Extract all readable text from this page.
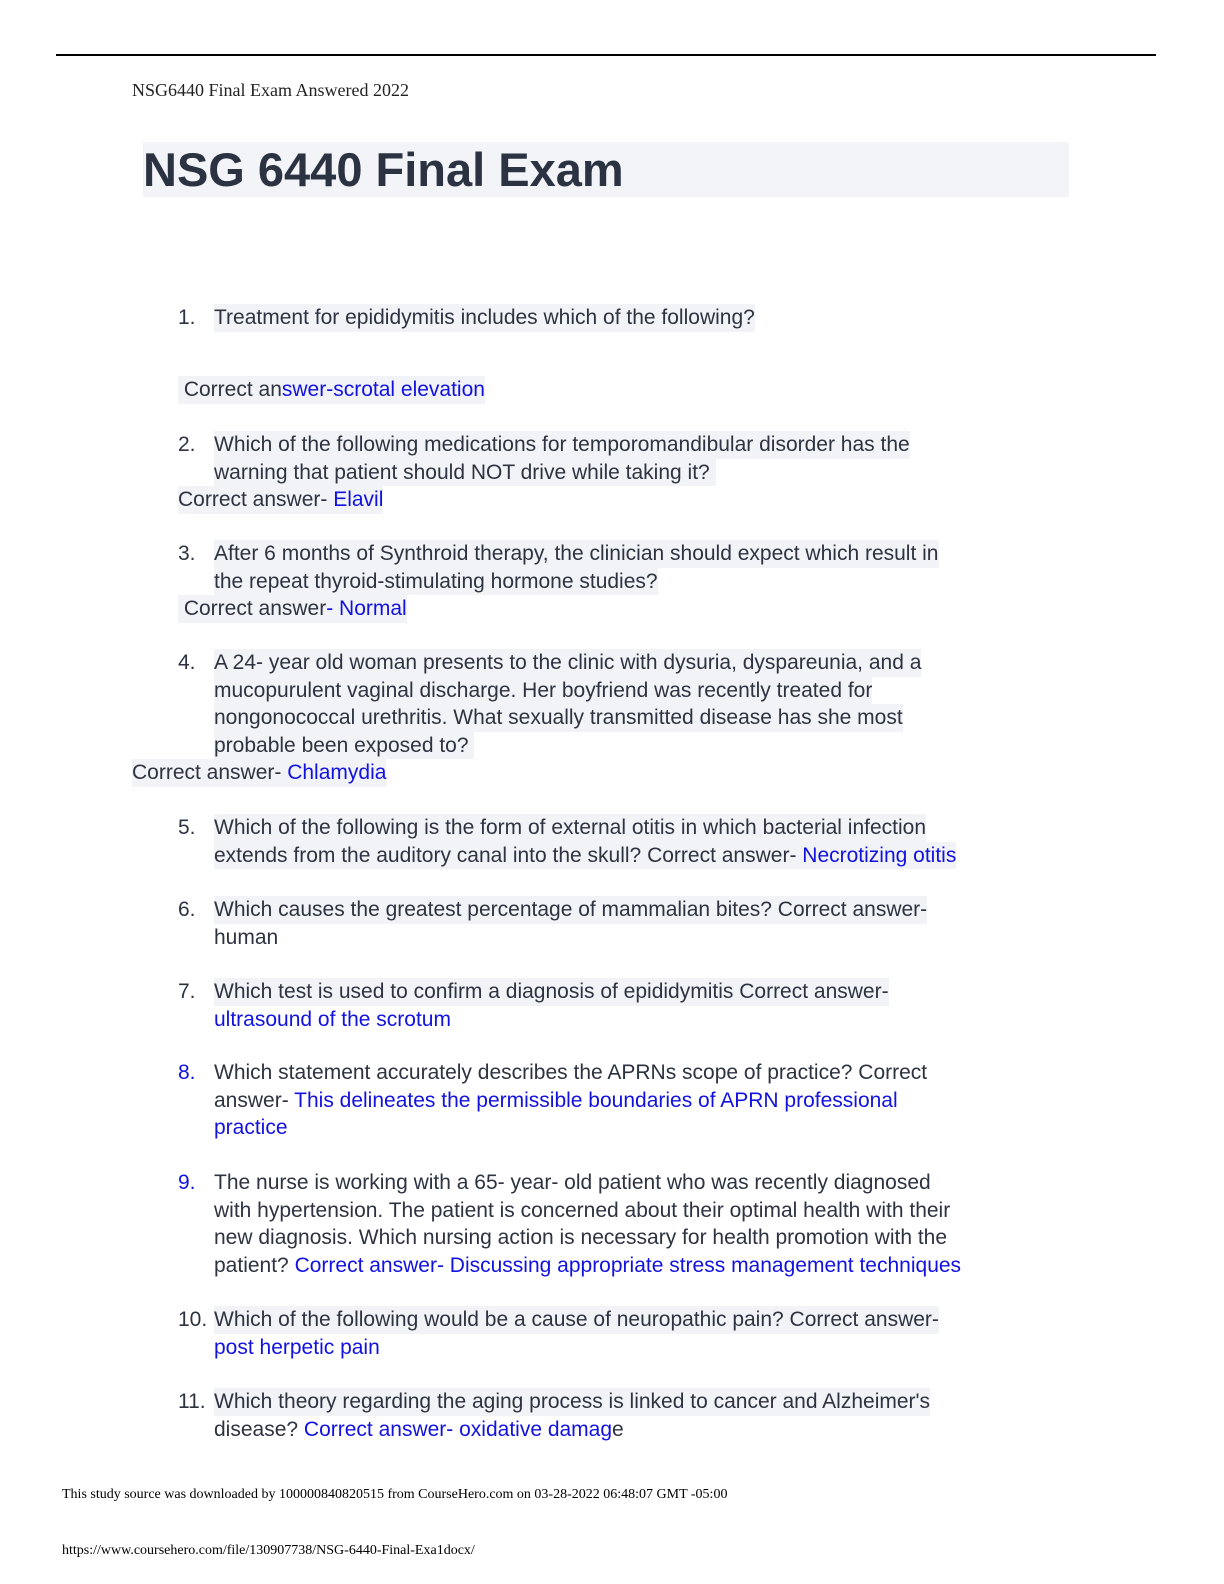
NSG6440 Final Exam Answered 2022
NSG 6440 Final Exam
1. Treatment for epididymitis includes which of the following?
Correct answer-scrotal elevation
2. Which of the following medications for temporomandibular disorder has the
warning that patient should NOT drive while taking it?
Correct answer- Elavil
3. After 6 months of Synthroid therapy, the clinician should expect which result in
the repeat thyroid-stimulating hormone studies?
Correct answer- Normal
4. A 24- year old woman presents to the clinic with dysuria, dyspareunia, and a
mucopurulent vaginal discharge. Her boyfriend was recently treated for
nongonococcal urethritis. What sexually transmitted disease has she most
probable been exposed to?
Correct answer- Chlamydia
5. Which of the following is the form of external otitis in which bacterial infection
extends from the auditory canal into the skull? Correct answer- Necrotizing otitis
6. Which causes the greatest percentage of mammalian bites? Correct answer-
human
7. Which test is used to confirm a diagnosis of epididymitis Correct answer-
ultrasound of the scrotum
8. Which statement accurately describes the APRNs scope of practice? Correct
answer- This delineates the permissible boundaries of APRN professional
practice
9. The nurse is working with a 65- year- old patient who was recently diagnosed
with hypertension. The patient is concerned about their optimal health with their
new diagnosis. Which nursing action is necessary for health promotion with the
patient? Correct answer- Discussing appropriate stress management techniques
10. Which of the following would be a cause of neuropathic pain? Correct answer-
post herpetic pain
11. Which theory regarding the aging process is linked to cancer and Alzheimer's
disease? Correct answer- oxidative damage
This study source was downloaded by 100000840820515 from CourseHero.com on 03-28-2022 06:48:07 GMT -05:00
https://www.coursehero.com/file/130907738/NSG-6440-Final-Exa1docx/
